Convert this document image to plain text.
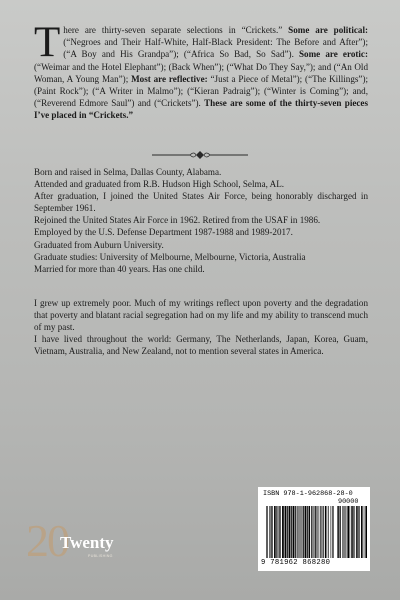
There are thirty-seven separate selections in “Crickets.” Some are political: (“Negroes and Their Half-White, Half-Black President: The Before and After”); (“A Boy and His Grandpa”); (“Africa So Bad, So Sad”). Some are erotic: (“Weimar and the Hotel Elephant”); (Back When”); (“What Do They Say,”); and (“An Old Woman, A Young Man”); Most are reflective: “Just a Piece of Metal”); (“The Killings”); (Paint Rock”); (“A Writer in Malmo”); (“Kieran Padraig”); (“Winter is Coming”); and, (“Reverend Edmore Saul”) and (“Crickets”). These are some of the thirty-seven pieces I’ve placed in “Crickets.”

Born and raised in Selma, Dallas County, Alabama.
Attended and graduated from R.B. Hudson High School, Selma, AL.
After graduation, I joined the United States Air Force, being honorably discharged in September 1961.
Rejoined the United States Air Force in 1962. Retired from the USAF in 1986.
Employed by the U.S. Defense Department 1987-1988 and 1989-2017.
Graduated from Auburn University.
Graduate studies: University of Melbourne, Melbourne, Victoria, Australia
Married for more than 40 years. Has one child.

I grew up extremely poor. Much of my writings reflect upon poverty and the degradation that poverty and blatant racial segregation had on my life and my ability to transcend much of my past.

I have lived throughout the world: Germany, The Netherlands, Japan, Korea, Guam, Vietnam, Australia, and New Zealand, not to mention several states in America.

20
Twenty
PUBLISHING
ISBN 978-1-962868-28-0
90000
9 781962 868280
